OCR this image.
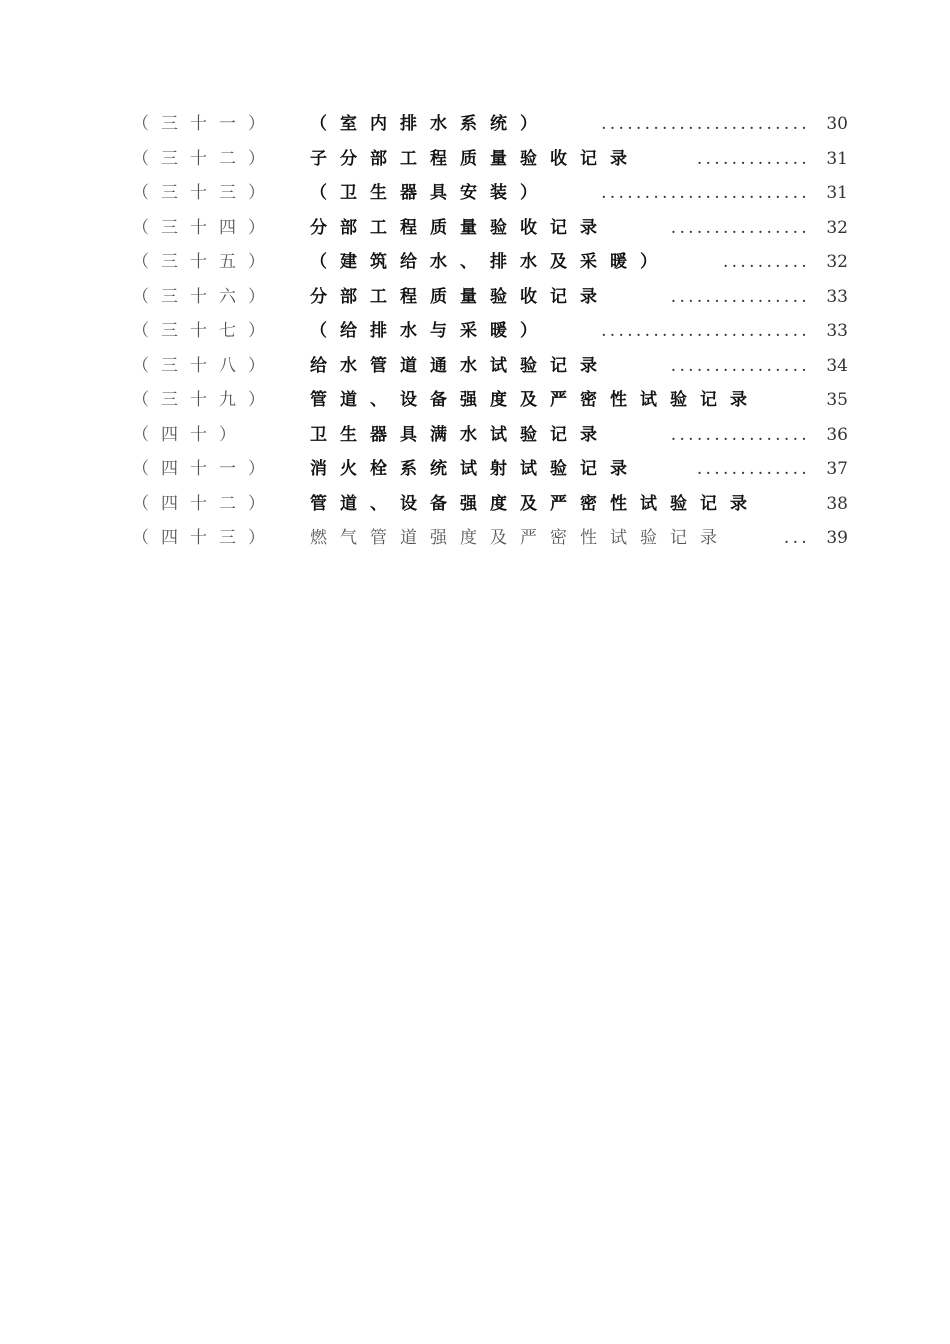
（三十一） （室内排水系统）	........................ 30
（三十二） 子分部工程质量验收记录	............. 31
（三十三） （卫生器具安装）	........................ 31
（三十四） 分部工程质量验收记录	................ 32
（三十五） （建筑给水、排水及采暖）	.......... 32
（三十六） 分部工程质量验收记录	................ 33
（三十七） （给排水与采暖）	........................ 33
（三十八） 给水管道通水试验记录	................ 34
（三十九） 管道、设备强度及严密性试验记录	35
（四十）	卫生器具满水试验记录	................ 36
（四十一） 消火栓系统试射试验记录	............. 37
（四十二） 管道、设备强度及严密性试验记录	38
（四十三） 燃气管道强度及严密性试验记录	... 39
